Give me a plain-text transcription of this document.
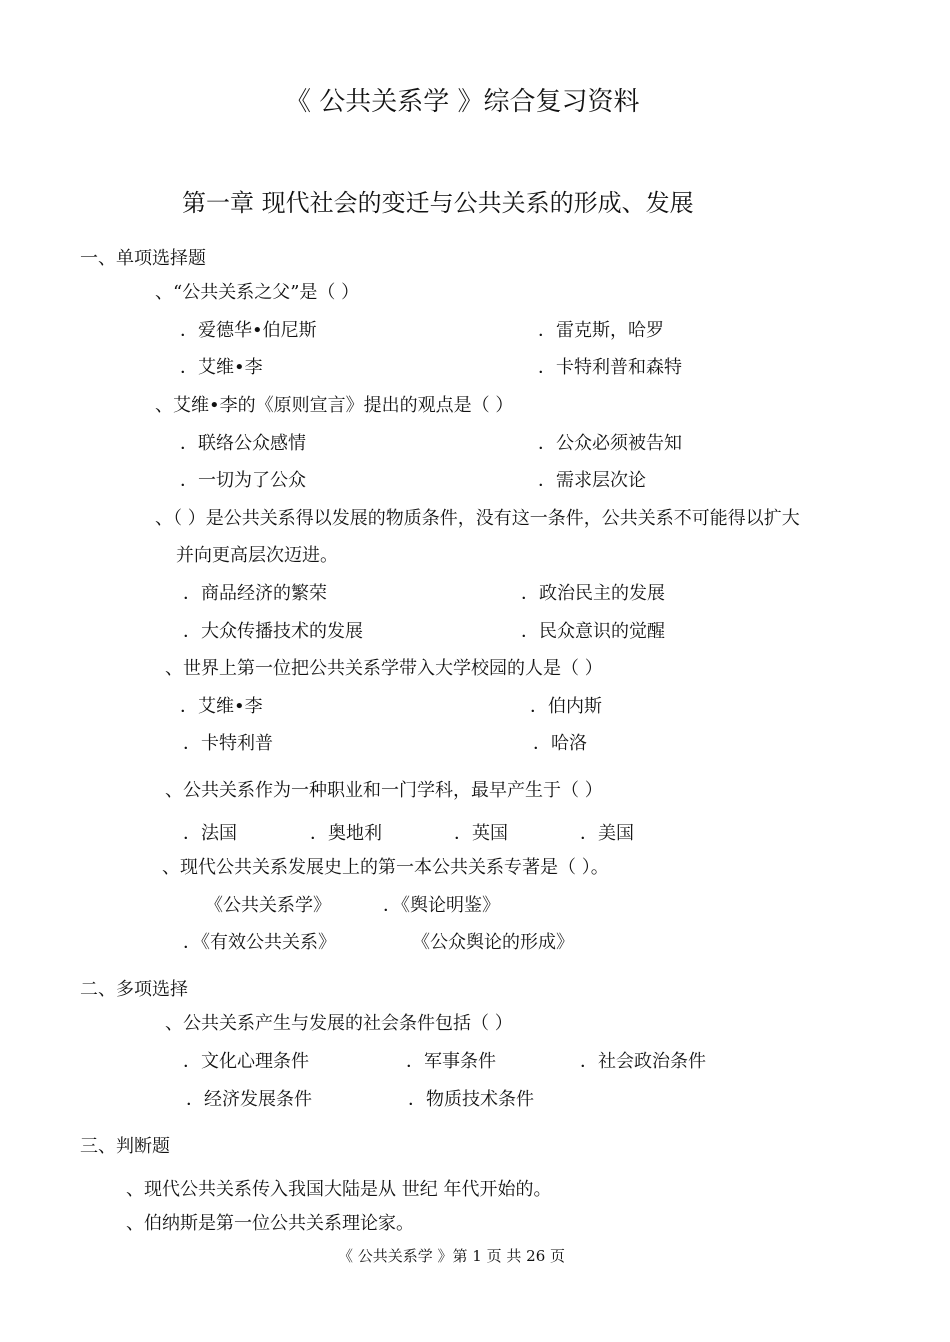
《 公共关系学 》综合复习资料
第一章 现代社会的变迁与公共关系的形成、发展
一、单项选择题
、“公共关系之父”是（ ）
．爱德华•伯尼斯	．雷克斯，哈罗
．艾维•李	．卡特利普和森特
、艾维•李的《原则宣言》提出的观点是（ ）
．联络公众感情	．公众必须被告知
．一切为了公众	．需求层次论
、（ ）是公共关系得以发展的物质条件，没有这一条件，公共关系不可能得以扩大
并向更高层次迈进。
．商品经济的繁荣	．政治民主的发展
．大众传播技术的发展	．民众意识的觉醒
、世界上第一位把公共关系学带入大学校园的人是（ ）
．艾维•李	．伯内斯
．卡特利普	．哈洛
、公共关系作为一种职业和一门学科，最早产生于（ ）
．法国	．奥地利	．英国	．美国
、现代公共关系发展史上的第一本公共关系专著是（ ）。
《公共关系学》	．《舆论明鉴》
．《有效公共关系》	《公众舆论的形成》
二、多项选择
、公共关系产生与发展的社会条件包括（ ）
．文化心理条件	．军事条件	．社会政治条件
．经济发展条件	．物质技术条件
三、判断题
、现代公共关系传入我国大陆是从 世纪 年代开始的。
、伯纳斯是第一位公共关系理论家。
《 公共关系学 》第 1 页 共 26 页
